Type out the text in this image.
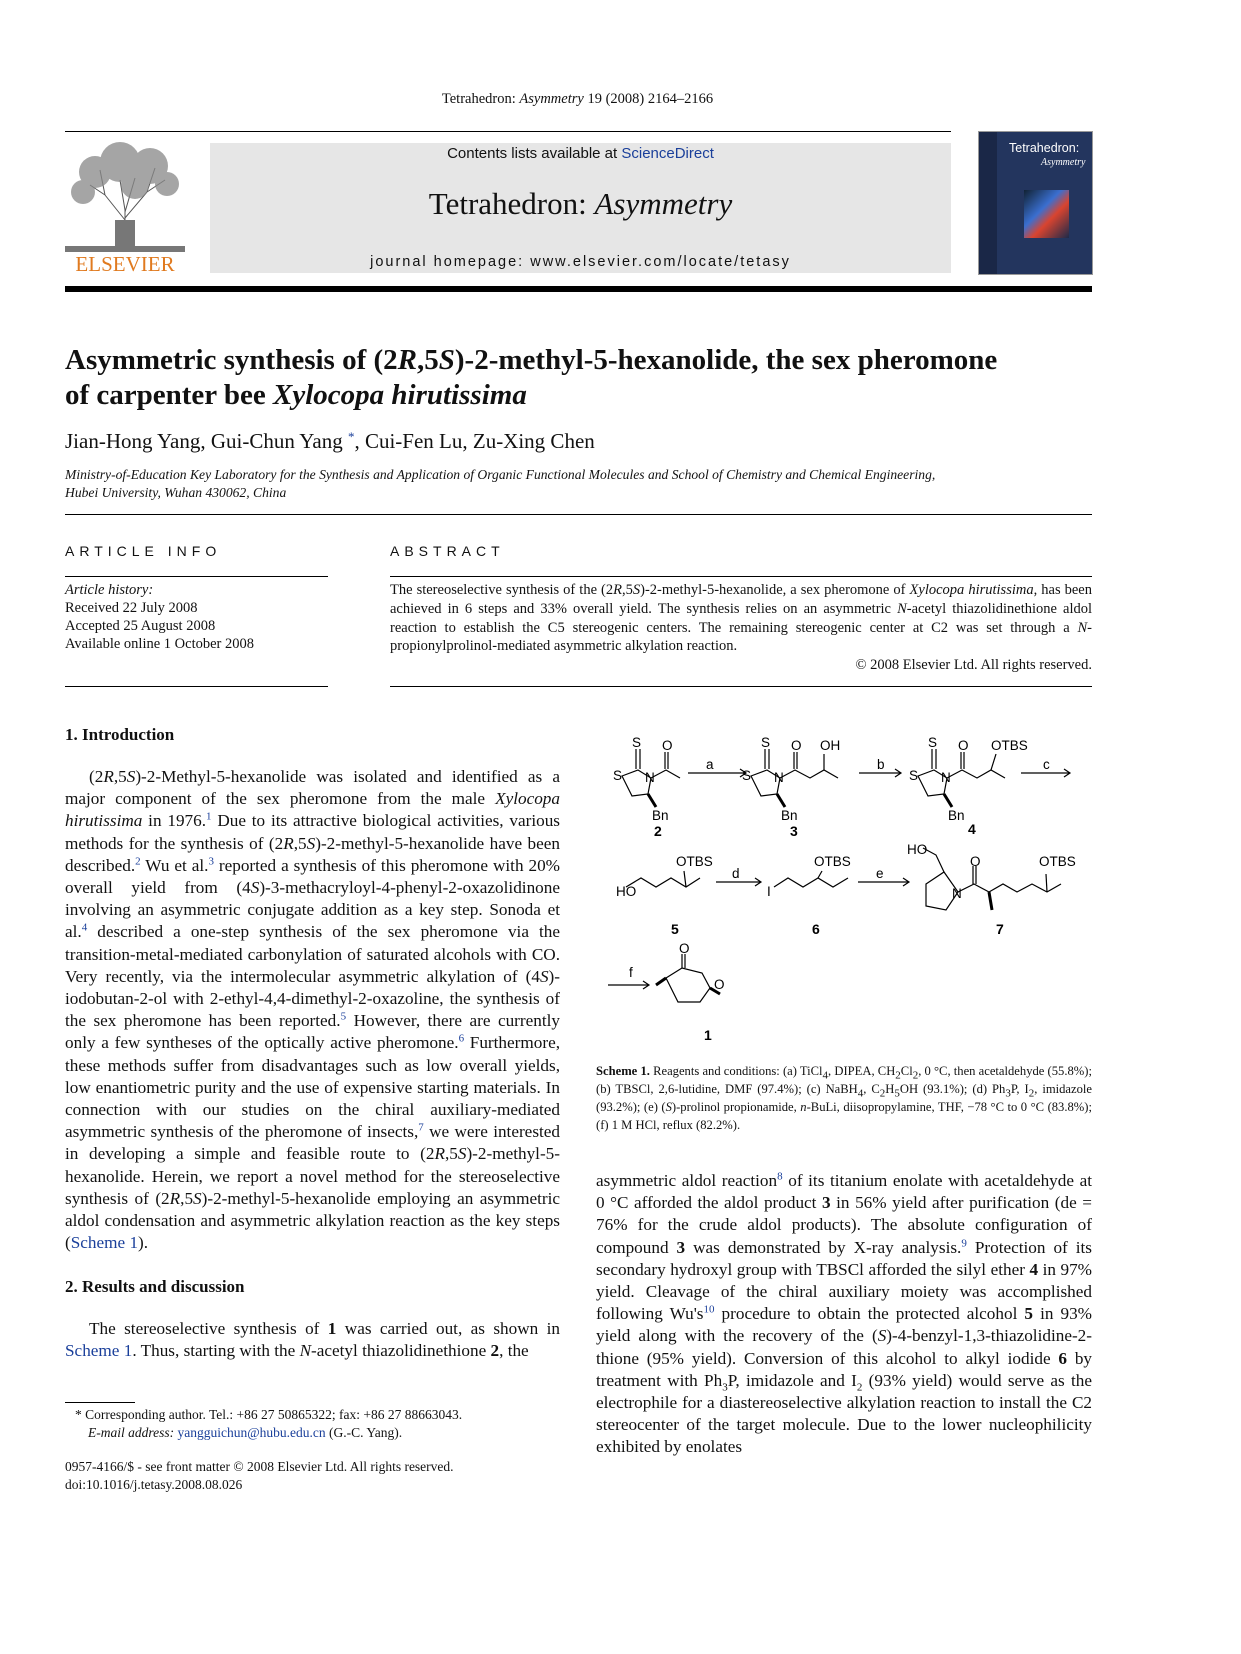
Tetrahedron: Asymmetry 19 (2008) 2164–2166
ELSEVIER
Contents lists available at ScienceDirect
Tetrahedron: Asymmetry
journal homepage: www.elsevier.com/locate/tetasy
Tetrahedron:
Asymmetry
Asymmetric synthesis of (2R,5S)-2-methyl-5-hexanolide, the sex pheromone
of carpenter bee Xylocopa hirutissima
Jian-Hong Yang, Gui-Chun Yang *, Cui-Fen Lu, Zu-Xing Chen
Ministry-of-Education Key Laboratory for the Synthesis and Application of Organic Functional Molecules and School of Chemistry and Chemical Engineering,
Hubei University, Wuhan 430062, China
ARTICLE INFO
Article history:
Received 22 July 2008
Accepted 25 August 2008
Available online 1 October 2008
ABSTRACT
The stereoselective synthesis of the (2R,5S)-2-methyl-5-hexanolide, a sex pheromone of Xylocopa hirutissima, has been achieved in 6 steps and 33% overall yield. The synthesis relies on an asymmetric N-acetyl thiazolidinethione aldol reaction to establish the C5 stereogenic centers. The remaining stereogenic center at C2 was set through a N-propionylprolinol-mediated asymmetric alkylation reaction.
© 2008 Elsevier Ltd. All rights reserved.
1. Introduction

(2R,5S)-2-Methyl-5-hexanolide was isolated and identified as a major component of the sex pheromone from the male Xylocopa hirutissima in 1976.$^1$ Due to its attractive biological activities, various methods for the synthesis of (2R,5S)-2-methyl-5-hexanolide have been described.$^2$ Wu et al.$^3$ reported a synthesis of this pheromone with 20% overall yield from (4S)-3-methacryloyl-4-phenyl-2-oxazolidinone involving an asymmetric conjugate addition as a key step. Sonoda et al.$^4$ described a one-step synthesis of the sex pheromone via the transition-metal-mediated carbonylation of saturated alcohols with CO. Very recently, via the intermolecular asymmetric alkylation of (4S)-iodobutan-2-ol with 2-ethyl-4,4-dimethyl-2-oxazoline, the synthesis of the sex pheromone has been reported.$^5$ However, there are currently only a few syntheses of the optically active pheromone.$^6$ Furthermore, these methods suffer from disadvantages such as low overall yields, low enantiometric purity and the use of expensive starting materials. In connection with our studies on the chiral auxiliary-mediated asymmetric synthesis of the pheromone of insects,$^7$ we were interested in developing a simple and feasible route to (2R,5S)-2-methyl-5-hexanolide. Herein, we report a novel method for the stereoselective synthesis of (2R,5S)-2-methyl-5-hexanolide employing an asymmetric aldol condensation and asymmetric alkylation reaction as the key steps (Scheme 1).

2. Results and discussion

The stereoselective synthesis of 1 was carried out, as shown in Scheme 1. Thus, starting with the N-acetyl thiazolidinethione 2, the

* Corresponding author. Tel.: +86 27 50865322; fax: +86 27 88663043.
E-mail address: yangguichun@hubu.edu.cn (G.-C. Yang).
0957-4166/$ - see front matter © 2008 Elsevier Ltd. All rights reserved.
doi:10.1016/j.tetasy.2008.08.026
S
S N
O
Bn
a
S
S N
O OH
Bn
b
S
S N
O OTBS
Bn
c
OTBS
HO
d
OTBS
I
e
HO
O
N
OTBS
f
O
O
2	3	4
5	6	7
1
Scheme 1. Reagents and conditions: (a) TiCl$_4$, DIPEA, $CH_2Cl_2$, 0 °C, then acetaldehyde (55.8%); (b) TBSCl, 2,6-lutidine, DMF (97.4%); (c) NaBH$_4$, $C_2H_5OH$ (93.1%); (d) $Ph_3P$, $I_2$, imidazole (93.2%); (e) (S)-prolinol propionamide, n-BuLi, diisopropylamine, THF, −78 °C to 0 °C (83.8%); (f) 1 M HCl, reflux (82.2%).

asymmetric aldol reaction$^8$ of its titanium enolate with acetaldehyde at 0 °C afforded the aldol product 3 in 56% yield after purification (de = 76% for the crude aldol products). The absolute configuration of compound 3 was demonstrated by X-ray analysis.$^9$ Protection of its secondary hydroxyl group with TBSCl afforded the silyl ether 4 in 97% yield. Cleavage of the chiral auxiliary moiety was accomplished following $Wu's^{10}$ procedure to obtain the protected alcohol 5 in 93% yield along with the recovery of the (S)-4-benzyl-1,3-thiazolidine-2-thione (95% yield). Conversion of this alcohol to alkyl iodide 6 by treatment with $Ph_3P$, imidazole and $I_2$ (93% yield) would serve as the electrophile for a diastereoselective alkylation reaction to install the C2 stereocenter of the target molecule. Due to the lower nucleophilicity exhibited by enolates
